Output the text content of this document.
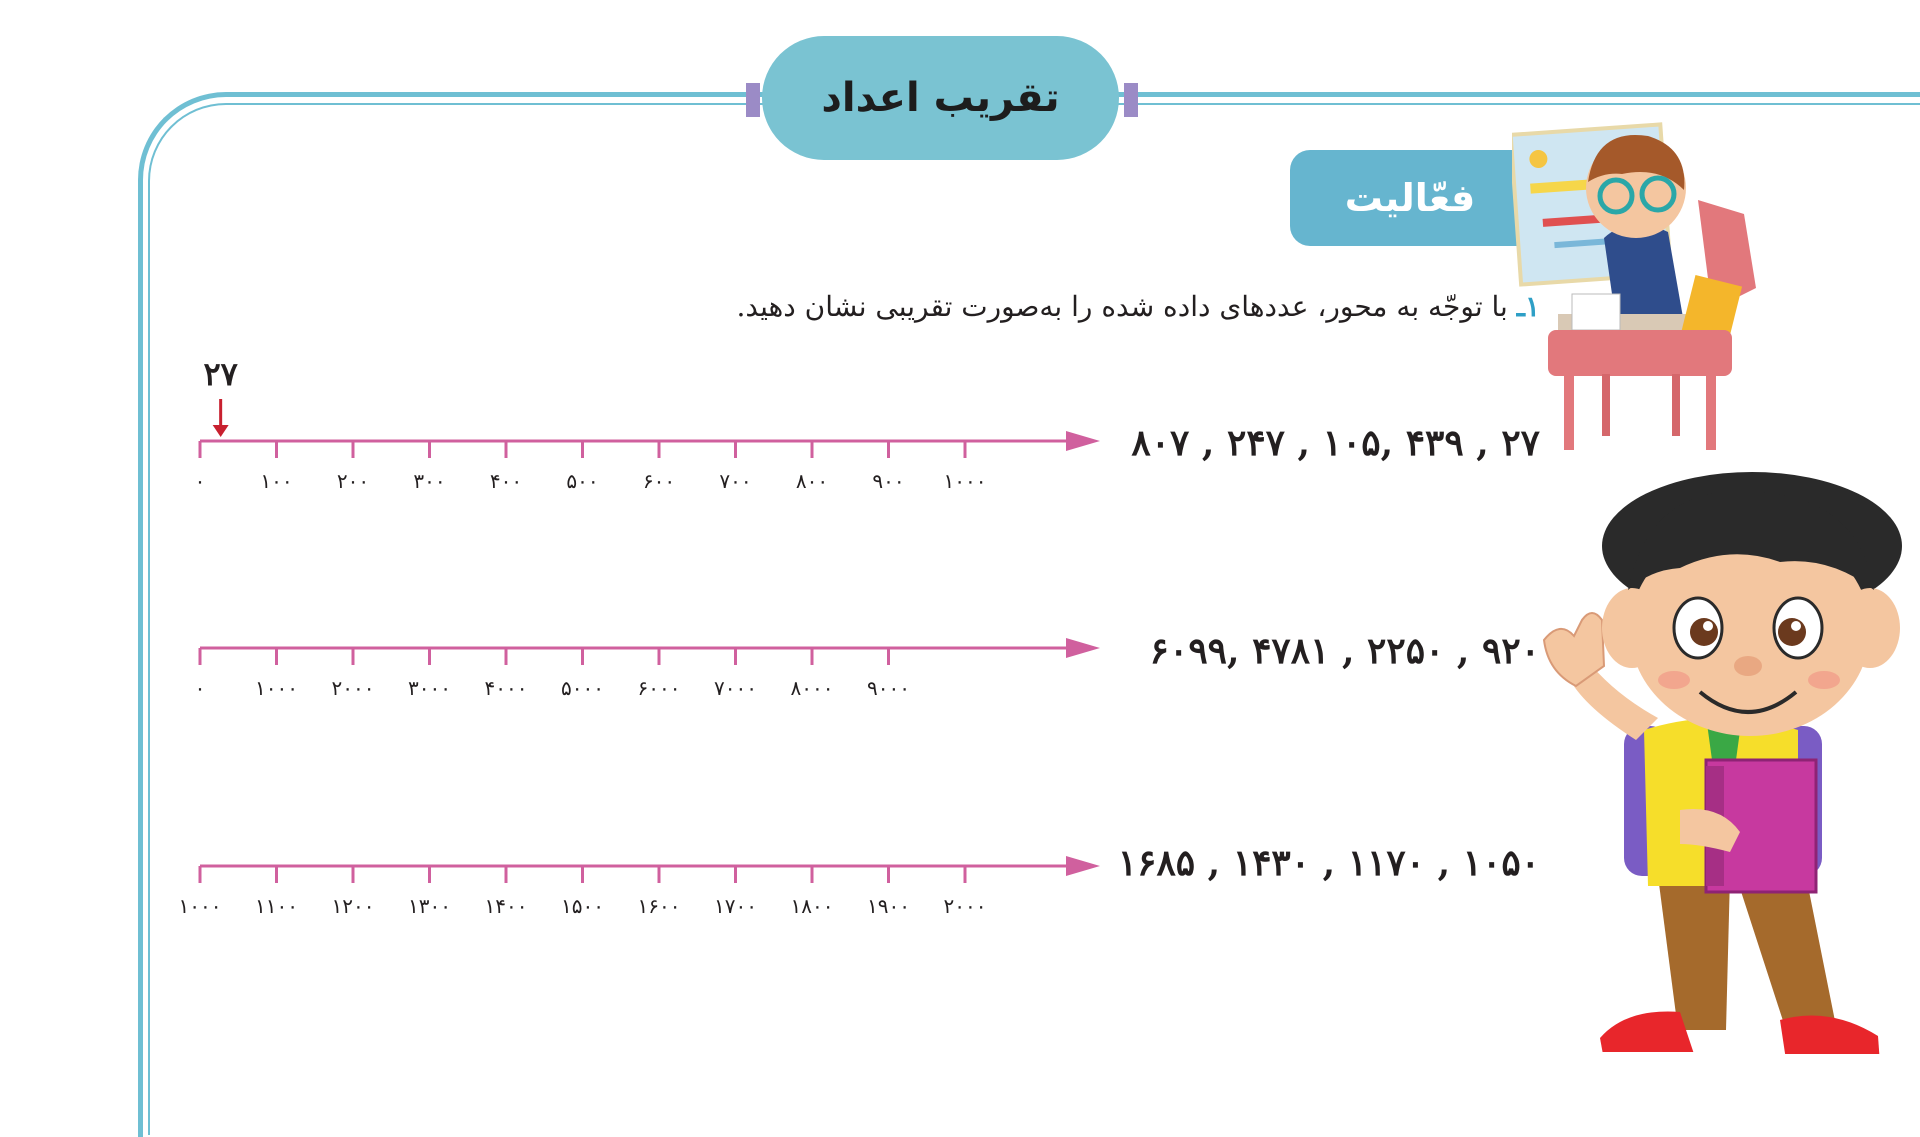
تقریب اعداد
فعّالیت
۱ـ با توجّه به محور، عددهای داده شده را به‌صورت تقریبی نشان دهید.
۲۷ , ۴۳۹ ,۱۰۵ , ۲۴۷ , ۸۰۷
۹۲۰ , ۲۲۵۰ , ۴۷۸۱ ,۶۰۹۹
۱۰۵۰ , ۱۱۷۰ , ۱۴۳۰ , ۱۶۸۵
۰	۱۰۰ ۲۰۰ ۳۰۰ ۴۰۰ ۵۰۰ ۶۰۰ ۷۰۰ ۸۰۰ ۹۰۰ ۱۰۰۰
۲۷
۰ ۱۰۰۰ ۲۰۰۰ ۳۰۰۰ ۴۰۰۰ ۵۰۰۰ ۶۰۰۰ ۷۰۰۰ ۸۰۰۰ ۹۰۰۰
۱۰۰۰ ۱۱۰۰ ۱۲۰۰ ۱۳۰۰ ۱۴۰۰ ۱۵۰۰ ۱۶۰۰ ۱۷۰۰ ۱۸۰۰ ۱۹۰۰ ۲۰۰۰
